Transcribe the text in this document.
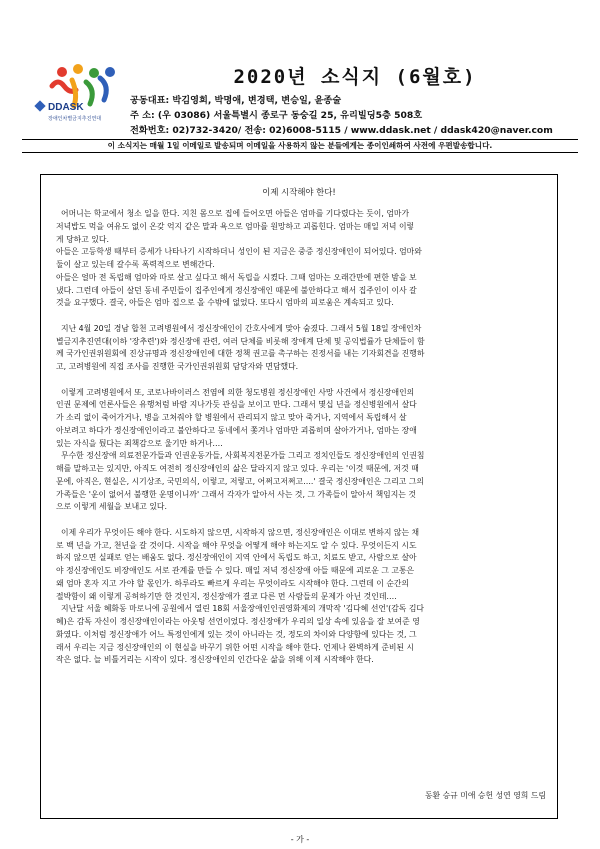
DDASK
장애인차별금지추진연대
2020년 소식지 (6월호)
공동대표: 박김영희, 박명애, 변경택, 변승일, 윤종술
주 소: (우 03086) 서울특별시 종로구 동숭길 25, 유리빌딩5층 508호
전화번호: 02)732-3420/ 전송: 02)6008-5115 / www.ddask.net / ddask420@naver.com
이 소식지는 매월 1일 이메일로 발송되며 이메일을 사용하지 않는 분들에게는 종이인쇄하여 사전에 우편발송합니다.
이제 시작해야 한다!

어머니는 학교에서 청소 일을 한다. 지친 몸으로 집에 들어오면 아들은 엄마를 기다렸다는 듯이, 엄마가

저녁밥도 먹을 여유도 없이 온갖 억지 같은 말과 욕으로 엄마를 원망하고 괴롭힌다. 엄마는 매일 저녁 이렇

게 당하고 있다.

아들은 고등학생 때부터 증세가 나타나기 시작하더니 성인이 된 지금은 중증 정신장애인이 되어있다. 엄마와

둘이 살고 있는데 갈수록 폭력적으로 변해간다.

아들은 얼마 전 독립해 엄마와 따로 살고 싶다고 해서 독립을 시켰다. 그때 엄마는 오래간만에 편한 밤을 보

냈다. 그런데 아들이 살던 동네 주민들이 집주인에게 정신장애인 때문에 불안하다고 해서 집주인이 이사 갈

것을 요구했다. 결국, 아들은 엄마 집으로 올 수밖에 없었다. 또다시 엄마의 피로움은 계속되고 있다.

지난 4월 20일 경남 합천 고려병원에서 정신장애인이 간호사에게 맞아 숨졌다. 그래서 5월 18일 장애인차

별금지추진연대(이하 '장추련')와 정신장애 관련, 여러 단체를 비롯해 장애계 단체 및 공익법률가 단체들이 함

께 국가인권위원회에 진상규명과 정신장애인에 대한 정책 권고를 촉구하는 진정서를 내는 기자회견을 진행하

고, 고려병원에 직접 조사를 진행한 국가인권위원회 담당자와 면담했다.

이렇게 고려병원에서 또, 코로나바이러스 전염에 의한 청도병원 정신장애인 사망 사건에서 정신장애인의

인권 문제에 언론사들은 유행처럼 바람 지나가듯 관심을 보이고 만다. 그래서 몇십 년을 정신병원에서 살다

가 소리 없이 죽어가거나, 병을 고쳐줘야 할 병원에서 관리되지 않고 맞아 죽거나, 지역에서 독립해서 살

아보려고 하다가 정신장애인이라고 불안하다고 동네에서 쫓겨나 엄마만 괴롭히며 살아가거나, 엄마는 장애

있는 자식을 뒀다는 죄책감으로 울기만 하거나….

무수한 정신장애 의료전문가들과 인권운동가들, 사회복지전문가들 그리고 정치인들도 정신장애인의 인권침

해를 말하고는 있지만, 아직도 여전히 정신장애인의 삶은 달라지지 않고 있다. 우리는 '이것 때문에, 저것 때

문에, 아직은, 현실은, 시기상조, 국민의식, 이렇고, 저렇고, 어쩌고저쩌고….' 결국 정신장애인은 그리고 그의

가족들은 '운이 없어서 불행한 운명이니까' 그래서 각자가 알아서 사는 것, 그 가족들이 알아서 책임지는 것

으로 이렇게 세월을 보내고 있다.

이제 우리가 무엇이든 해야 한다. 시도하지 않으면, 시작하지 않으면, 정신장애인은 이대로 변하지 않는 채

로 백 년을 가고, 천년을 갈 것이다. 시작을 해야 무엇을 어떻게 해야 하는지도 알 수 있다. 무엇이든지 시도

하지 않으면 실패로 얻는 배움도 없다. 정신장애인이 지역 안에서 독립도 하고, 치료도 받고, 사람으로 살아

야 정신장애인도 비장애인도 서로 관계를 만들 수 있다. 매일 저녁 정신장애 아들 때문에 괴로운 그 고통은

왜 엄마 혼자 지고 가야 할 몫인가. 하루라도 빠르게 우리는 무엇이라도 시작해야 한다. 그런데 이 순간의

절박함이 왜 이렇게 공허하기만 한 것인지, 정신장애가 결코 다른 먼 사람들의 문제가 아닌 것인데….

지난달 서울 혜화동 마로니에 공원에서 열린 18회 서울장애인인권영화제의 개막작 '김다혜 선언'(감독 김다

혜)은 감독 자신이 정신장애인이라는 아웃팅 선언이었다. 정신장애가 우리의 일상 속에 있음을 잘 보여준 영

화였다. 이처럼 정신장애가 어느 특정인에게 있는 것이 아니라는 것, 정도의 차이와 다양함에 있다는 것, 그

래서 우리는 지금 정신장애인의 이 현실을 바꾸기 위한 어떤 시작을 해야 한다. 언제나 완벽하게 준비된 시

작은 없다. 늘 비틀거리는 시작이 있다. 정신장애인의 인간다운 삶을 위해 이제 시작해야 한다.

동환 승규 미애 승헌 성연 영희 드림
- 가 -
